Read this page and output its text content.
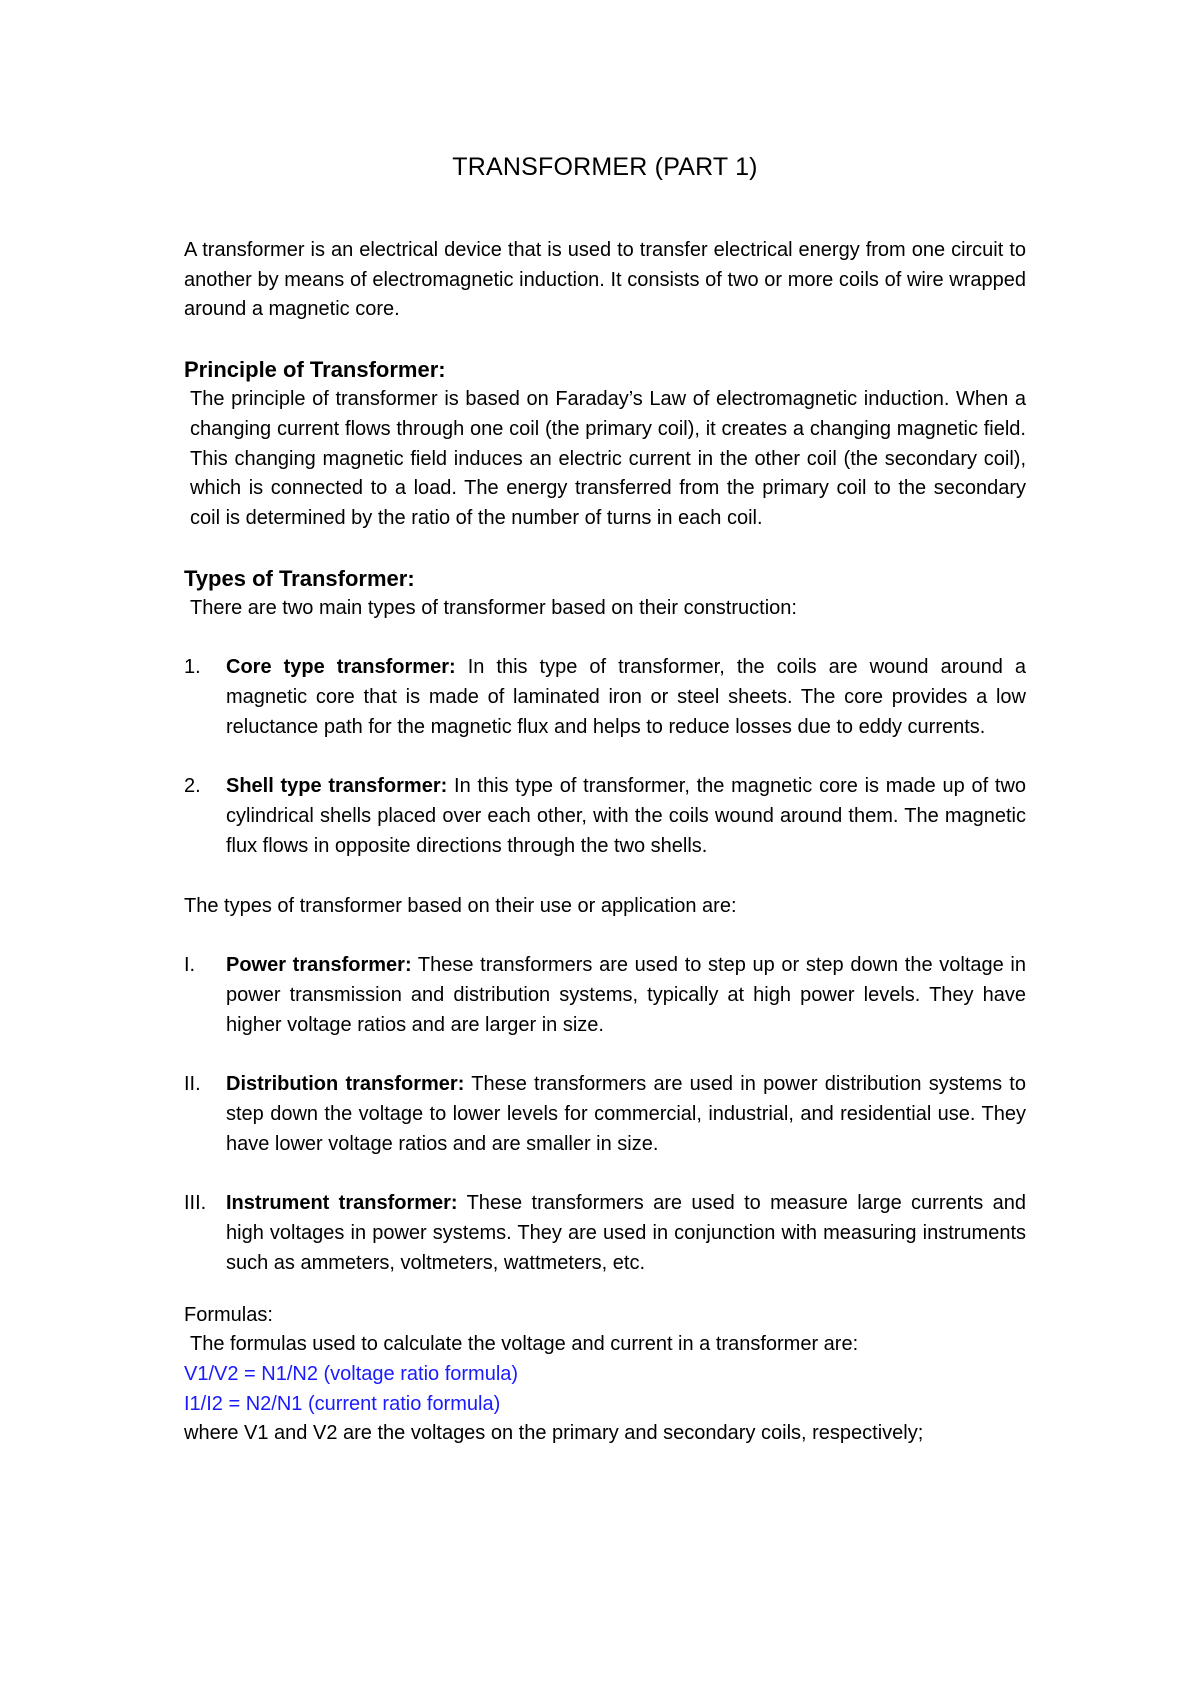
TRANSFORMER (PART 1)

A transformer is an electrical device that is used to transfer electrical energy from one circuit to another by means of electromagnetic induction. It consists of two or more coils of wire wrapped around a magnetic core.

Principle of Transformer:

The principle of transformer is based on Faraday’s Law of electromagnetic induction. When a changing current flows through one coil (the primary coil), it creates a changing magnetic field. This changing magnetic field induces an electric current in the other coil (the secondary coil), which is connected to a load. The energy transferred from the primary coil to the secondary coil is determined by the ratio of the number of turns in each coil.

Types of Transformer:

There are two main types of transformer based on their construction:

1.	Core type transformer: In this type of transformer, the coils are wound around a magnetic core that is made of laminated iron or steel sheets. The core provides a low reluctance path for the magnetic flux and helps to reduce losses due to eddy currents.
2.	Shell type transformer: In this type of transformer, the magnetic core is made up of two cylindrical shells placed over each other, with the coils wound around them. The magnetic flux flows in opposite directions through the two shells.

The types of transformer based on their use or application are:

I.	Power transformer: These transformers are used to step up or step down the voltage in power transmission and distribution systems, typically at high power levels. They have higher voltage ratios and are larger in size.
II.	Distribution transformer: These transformers are used in power distribution systems to step down the voltage to lower levels for commercial, industrial, and residential use. They have lower voltage ratios and are smaller in size.
III. Instrument transformer: These transformers are used to measure large currents and high voltages in power systems. They are used in conjunction with measuring instruments such as ammeters, voltmeters, wattmeters, etc.

Formulas:

The formulas used to calculate the voltage and current in a transformer are:

V1/V2 = N1/N2 (voltage ratio formula)

I1/I2 = N2/N1 (current ratio formula)

where V1 and V2 are the voltages on the primary and secondary coils, respectively;
